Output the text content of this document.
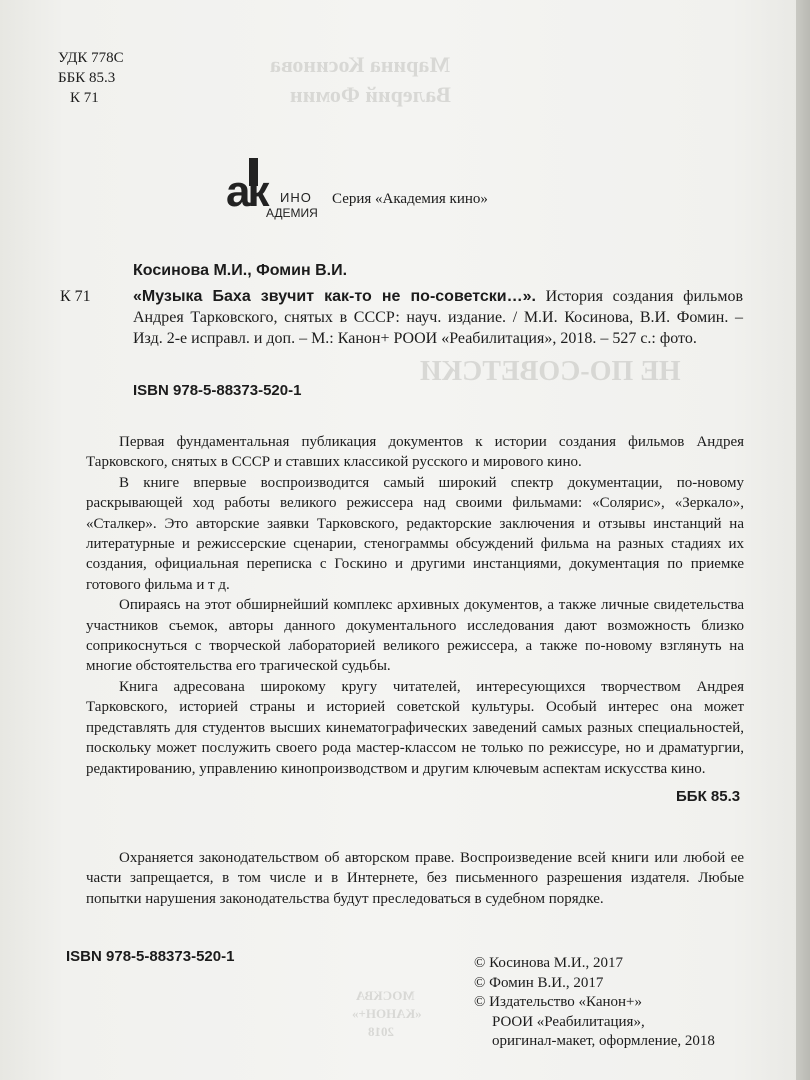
Марина Косинова
Валерий Фомин
НЕ ПО-СОВЕТСКИ
МОСКВА
«КАНОН+»
2018
УДК 778С
ББК 85.3
К 71
aк ИНО
АДЕМИЯ
Серия «Академия кино»
Косинова М.И., Фомин В.И.
К 71	«Музыка Баха звучит как-то не по-советски…». История создания фильмов Андрея Тарковского, снятых в СССР: науч. издание. / М.И. Косинова, В.И. Фомин. – Изд. 2-е исправл. и доп. – М.: Канон+ РООИ «Реабилитация», 2018. – 527 с.: фото.
ISBN 978-5-88373-520-1

Первая фундаментальная публикация документов к истории создания фильмов Андрея Тарковского, снятых в СССР и ставших классикой русского и мирового кино.

В книге впервые воспроизводится самый широкий спектр документации, по-новому раскрывающей ход работы великого режиссера над своими фильмами: «Солярис», «Зеркало», «Сталкер». Это авторские заявки Тарковского, редакторские заключения и отзывы инстанций на литературные и режиссерские сценарии, стенограммы обсуждений фильма на разных стадиях их создания, официальная переписка с Госкино и другими инстанциями, документация по приемке готового фильма и т д.

Опираясь на этот обширнейший комплекс архивных документов, а также личные свидетельства участников съемок, авторы данного документального исследования дают возможность близко соприкоснуться с творческой лабораторией великого режиссера, а также по-новому взглянуть на многие обстоятельства его трагической судьбы.

Книга адресована широкому кругу читателей, интересующихся творчеством Андрея Тарковского, историей страны и историей советской культуры. Особый интерес она может представлять для студентов высших кинематографических заведений самых разных специальностей, поскольку может послужить своего рода мастер-классом не только по режиссуре, но и драматургии, редактированию, управлению кинопроизводством и другим ключевым аспектам искусства кино.

ББК 85.3
Охраняется законодательством об авторском праве. Воспроизведение всей книги или любой ее части запрещается, в том числе и в Интернете, без письменного разрешения издателя. Любые попытки нарушения законодательства будут преследоваться в судебном порядке.
ISBN 978-5-88373-520-1	© Косинова М.И., 2017
© Фомин В.И., 2017
© Издательство «Канон+»
РООИ «Реабилитация»,
оригинал-макет, оформление, 2018
